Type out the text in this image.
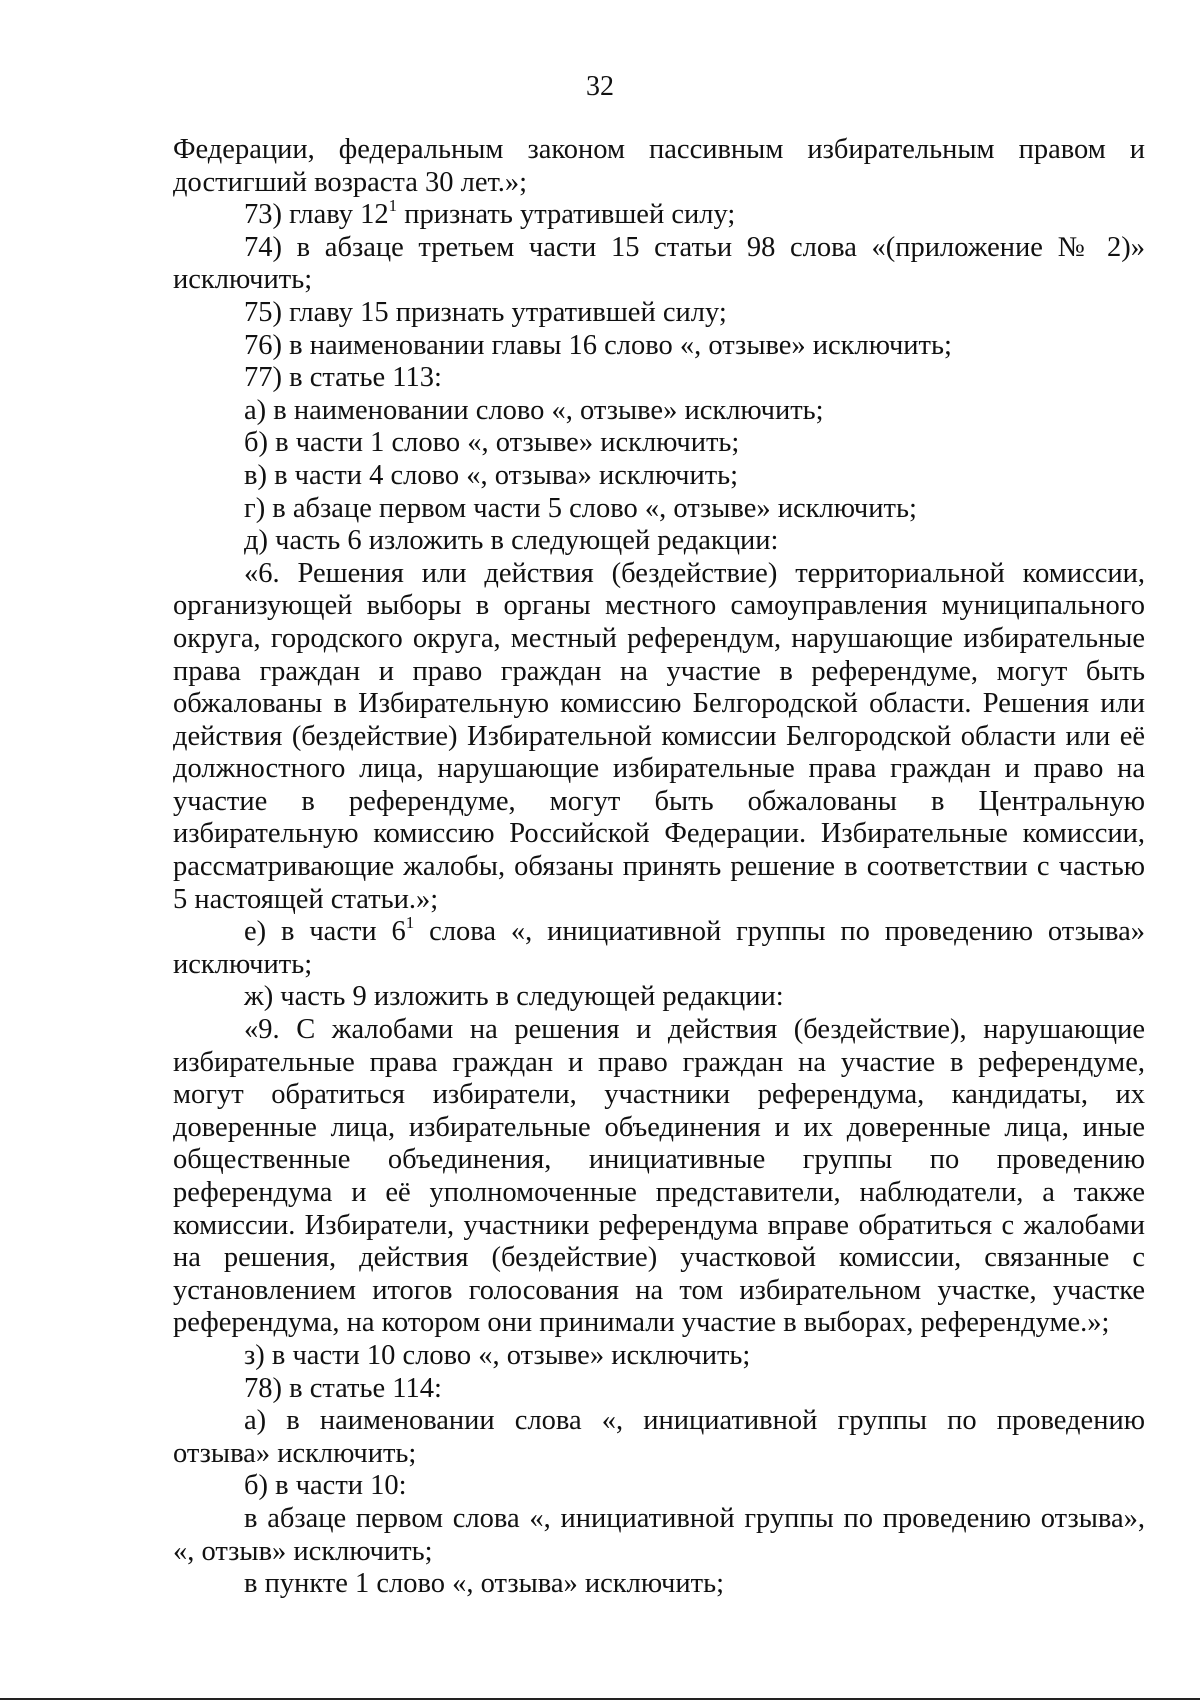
32

Федерации, федеральным законом пассивным избирательным правом и достигший возраста 30 лет.»;

73) главу $12^1$ признать утратившей силу;

74) в абзаце третьем части 15 статьи 98 слова «(приложение № 2)» исключить;

75) главу 15 признать утратившей силу;

76) в наименовании главы 16 слово «, отзыве» исключить;

77) в статье 113:

а) в наименовании слово «, отзыве» исключить;

б) в части 1 слово «, отзыве» исключить;

в) в части 4 слово «, отзыва» исключить;

г) в абзаце первом части 5 слово «, отзыве» исключить;

д) часть 6 изложить в следующей редакции:

«6. Решения или действия (бездействие) территориальной комиссии, организующей выборы в органы местного самоуправления муниципального округа, городского округа, местный референдум, нарушающие избирательные права граждан и право граждан на участие в референдуме, могут быть обжалованы в Избирательную комиссию Белгородской области. Решения или действия (бездействие) Избирательной комиссии Белгородской области или её должностного лица, нарушающие избирательные права граждан и право на участие в референдуме, могут быть обжалованы в Центральную избирательную комиссию Российской Федерации. Избирательные комиссии, рассматривающие жалобы, обязаны принять решение в соответствии с частью 5 настоящей статьи.»;

е) в части $6^1$ слова «, инициативной группы по проведению отзыва» исключить;

ж) часть 9 изложить в следующей редакции:

«9. С жалобами на решения и действия (бездействие), нарушающие избирательные права граждан и право граждан на участие в референдуме, могут обратиться избиратели, участники референдума, кандидаты, их доверенные лица, избирательные объединения и их доверенные лица, иные общественные объединения, инициативные группы по проведению референдума и её уполномоченные представители, наблюдатели, а также комиссии. Избиратели, участники референдума вправе обратиться с жалобами на решения, действия (бездействие) участковой комиссии, связанные с установлением итогов голосования на том избирательном участке, участке референдума, на котором они принимали участие в выборах, референдуме.»;

з) в части 10 слово «, отзыве» исключить;

78) в статье 114:

а) в наименовании слова «, инициативной группы по проведению отзыва» исключить;

б) в части 10:

в абзаце первом слова «, инициативной группы по проведению отзыва», «, отзыв» исключить;

в пункте 1 слово «, отзыва» исключить;
